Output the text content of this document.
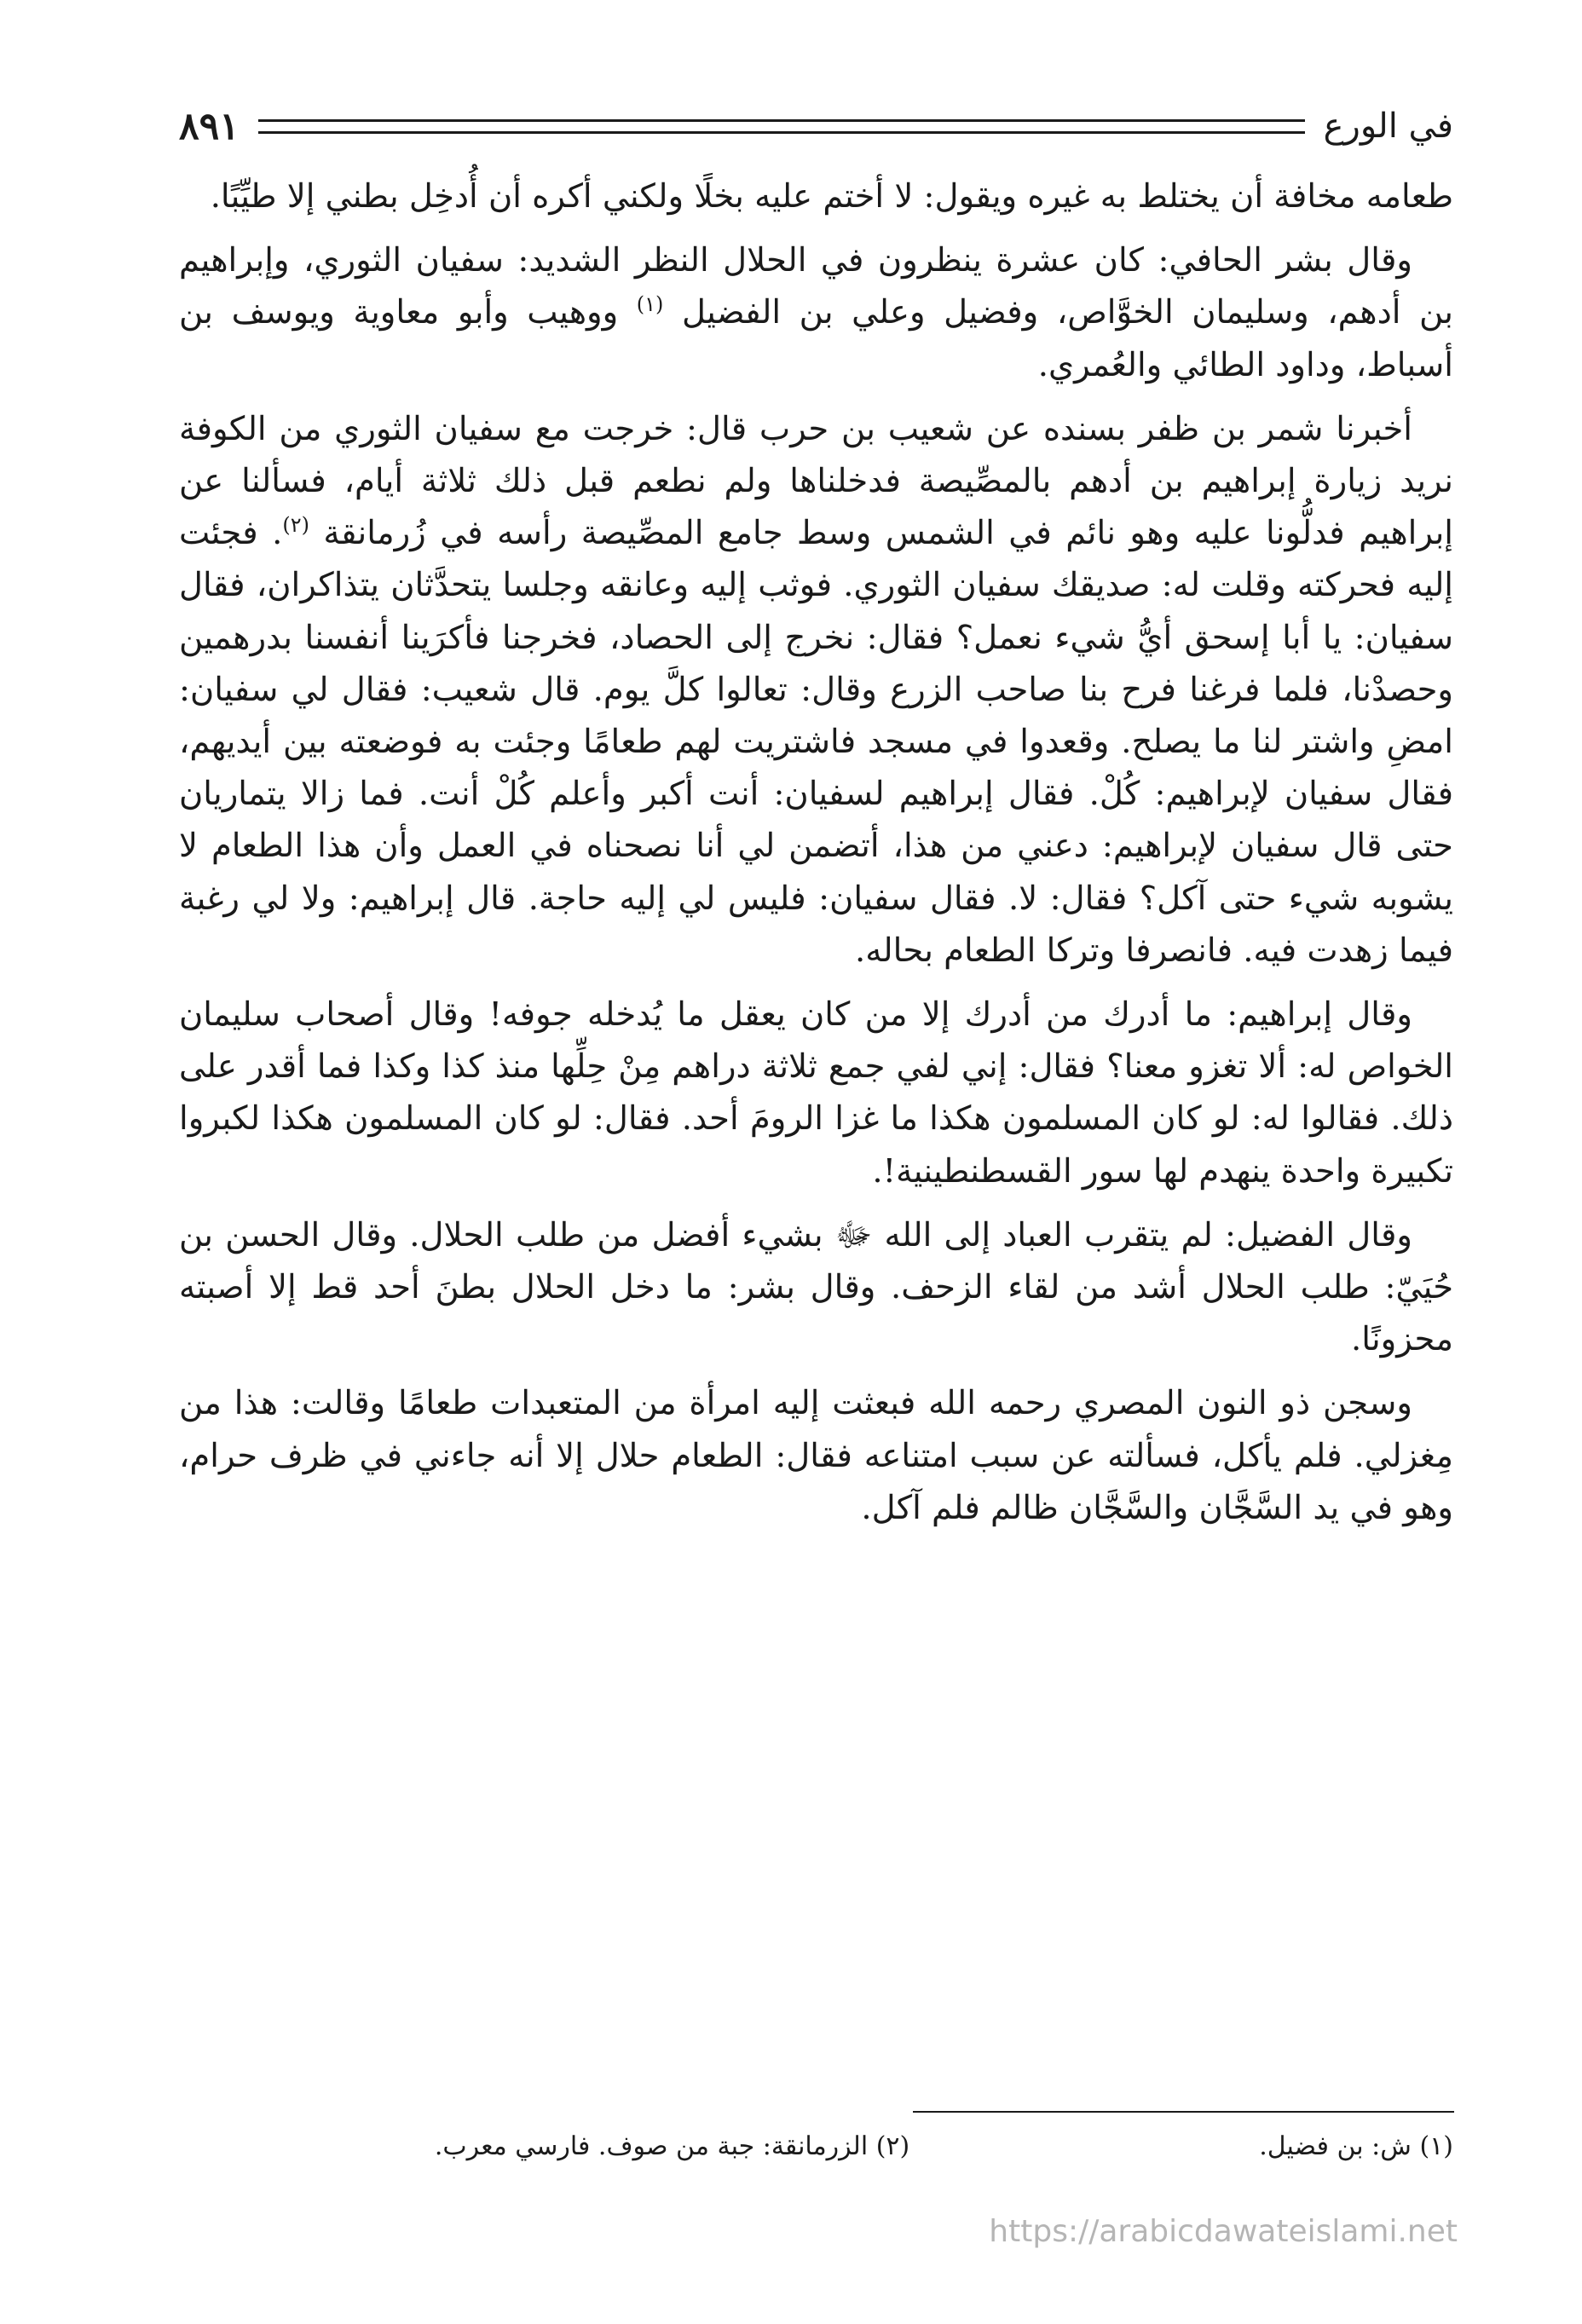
في الورع
٨٩١

طعامه مخافة أن يختلط به غيره ويقول: لا أختم عليه بخلًا ولكني أكره أن أُدخِل بطني إلا طيِّبًا.

وقال بشر الحافي: كان عشرة ينظرون في الحلال النظر الشديد: سفيان الثوري، وإبراهيم بن أدهم، وسليمان الخوَّاص، وفضيل وعلي بن الفضيل $^{(١)}$ ووهيب وأبو معاوية ويوسف بن أسباط، وداود الطائي والعُمري.

أخبرنا شمر بن ظفر بسنده عن شعيب بن حرب قال: خرجت مع سفيان الثوري من الكوفة نريد زيارة إبراهيم بن أدهم بالمصِّيصة فدخلناها ولم نطعم قبل ذلك ثلاثة أيام، فسألنا عن إبراهيم فدلُّونا عليه وهو نائم في الشمس وسط جامع المصِّيصة رأسه في زُرمانقة $^{(٢)}$. فجئت إليه فحركته وقلت له: صديقك سفيان الثوري. فوثب إليه وعانقه وجلسا يتحدَّثان يتذاكران، فقال سفيان: يا أبا إسحق أيُّ شيء نعمل؟ فقال: نخرج إلى الحصاد، فخرجنا فأكرَينا أنفسنا بدرهمين وحصدْنا، فلما فرغنا فرح بنا صاحب الزرع وقال: تعالوا كلَّ يوم. قال شعيب: فقال لي سفيان: امضِ واشتر لنا ما يصلح. وقعدوا في مسجد فاشتريت لهم طعامًا وجئت به فوضعته بين أيديهم، فقال سفيان لإبراهيم: كُلْ. فقال إبراهيم لسفيان: أنت أكبر وأعلم كُلْ أنت. فما زالا يتماريان حتى قال سفيان لإبراهيم: دعني من هذا، أتضمن لي أنا نصحناه في العمل وأن هذا الطعام لا يشوبه شيء حتى آكل؟ فقال: لا. فقال سفيان: فليس لي إليه حاجة. قال إبراهيم: ولا لي رغبة فيما زهدت فيه. فانصرفا وتركا الطعام بحاله.

وقال إبراهيم: ما أدرك من أدرك إلا من كان يعقل ما يُدخله جوفه! وقال أصحاب سليمان الخواص له: ألا تغزو معنا؟ فقال: إني لفي جمع ثلاثة دراهم مِنْ حِلِّها منذ كذا وكذا فما أقدر على ذلك. فقالوا له: لو كان المسلمون هكذا ما غزا الرومَ أحد. فقال: لو كان المسلمون هكذا لكبروا تكبيرة واحدة ينهدم لها سور القسطنطينية!.

وقال الفضيل: لم يتقرب العباد إلى الله ﷻ بشيء أفضل من طلب الحلال. وقال الحسن بن حُيَيّ: طلب الحلال أشد من لقاء الزحف. وقال بشر: ما دخل الحلال بطنَ أحد قط إلا أصبته محزونًا.

وسجن ذو النون المصري رحمه الله فبعثت إليه امرأة من المتعبدات طعامًا وقالت: هذا من مِغزلي. فلم يأكل، فسألته عن سبب امتناعه فقال: الطعام حلال إلا أنه جاءني في ظرف حرام، وهو في يد السَّجَّان والسَّجَّان ظالم فلم آكل.

(١) ش: بن فضيل.
(٢) الزرمانقة: جبة من صوف. فارسي معرب.
https://arabicdawateislami.net
